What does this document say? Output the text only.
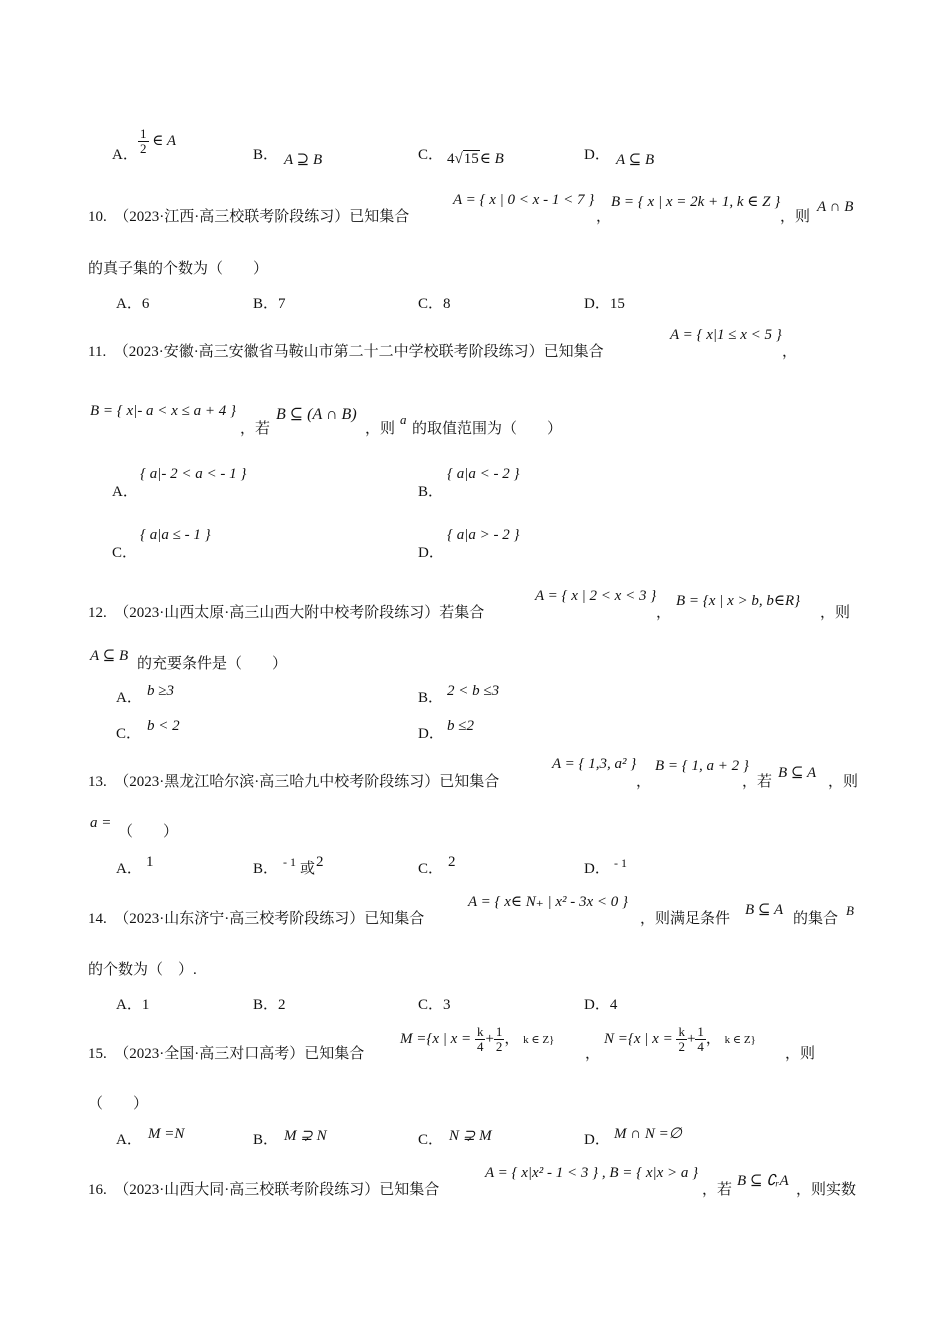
A． $\frac{1}{2}$ ∈ A
B． A ⊇ B	C． 4√15∈ B	D． A ⊆ B
10.　（2023·江西·高三校联考阶段练习）已知集合
A = { x | 0 < x - 1 < 7 }
，
B = { x | x = 2k + 1, k ∈ Z }
，则
A ∩ B
的真子集的个数为（　　）
A．6	B．7	C．8	D．15
11.　（2023·安徽·高三安徽省马鞍山市第二十二中学校联考阶段练习）已知集合
A = { x|1 ≤ x < 5 }
，
B = { x|- a < x ≤ a + 4 }
，若
B ⊆ (A ∩ B)
，则
a
的取值范围为（　　）
A．
{ a|- 2 < a < - 1 }
B．
{ a|a < - 2 }
C．
{ a|a ≤ - 1 }
D．
{ a|a > - 2 }
12.　（2023·山西太原·高三山西大附中校考阶段练习）若集合
A = { x | 2 < x < 3 }
，
B = {x | x > b, b∈R}
，则
A ⊆ B 的充要条件是（　　）
A． b ≥3	B． 2 < b ≤3
C． b < 2	D． b ≤2
13.　（2023·黑龙江哈尔滨·高三哈九中校考阶段练习）已知集合
A = { 1,3, a² }
，
B = { 1, a + 2 }
，若
B ⊆ A
，则
a =
（　　）
A． 1	B． - 1 或 2	C． 2	D． - 1
14.　（2023·山东济宁·高三校考阶段练习）已知集合
A = { x∈ N₊ | x² - 3x < 0 }
，则满足条件
B ⊆ A
的集合
B
的个数为（　）.
A．1	B．2	C．3	D．4
15.　（2023·全国·高三对口高考）已知集合
M ={x | $x = \frac{k}{4} + \frac{1}{2}$ ， k ∈ Z}
，
N ={x | $x = \frac{k}{2} + \frac{1}{4}$ ， k ∈ Z}
，则
（　　）
A． M =N	B． M ⊋ N	C． N ⊋ M	D． M ∩ N =∅
16.　（2023·山西大同·高三校联考阶段练习）已知集合
A = { x|x² - 1 < 3 } , B = { x|x > a }
，若
B ⊆ ∁ᵣA
，则实数
